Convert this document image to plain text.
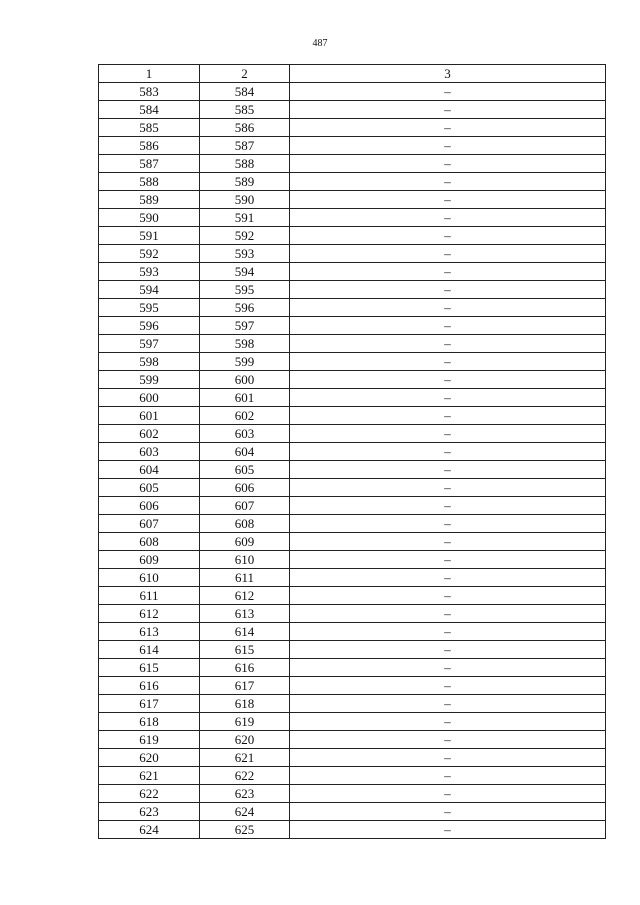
487
1	2	3
583	584	–
584	585	–
585	586	–
586	587	–
587	588	–
588	589	–
589	590	–
590	591	–
591	592	–
592	593	–
593	594	–
594	595	–
595	596	–
596	597	–
597	598	–
598	599	–
599	600	–
600	601	–
601	602	–
602	603	–
603	604	–
604	605	–
605	606	–
606	607	–
607	608	–
608	609	–
609	610	–
610	611	–
611	612	–
612	613	–
613	614	–
614	615	–
615	616	–
616	617	–
617	618	–
618	619	–
619	620	–
620	621	–
621	622	–
622	623	–
623	624	–
624	625	–
